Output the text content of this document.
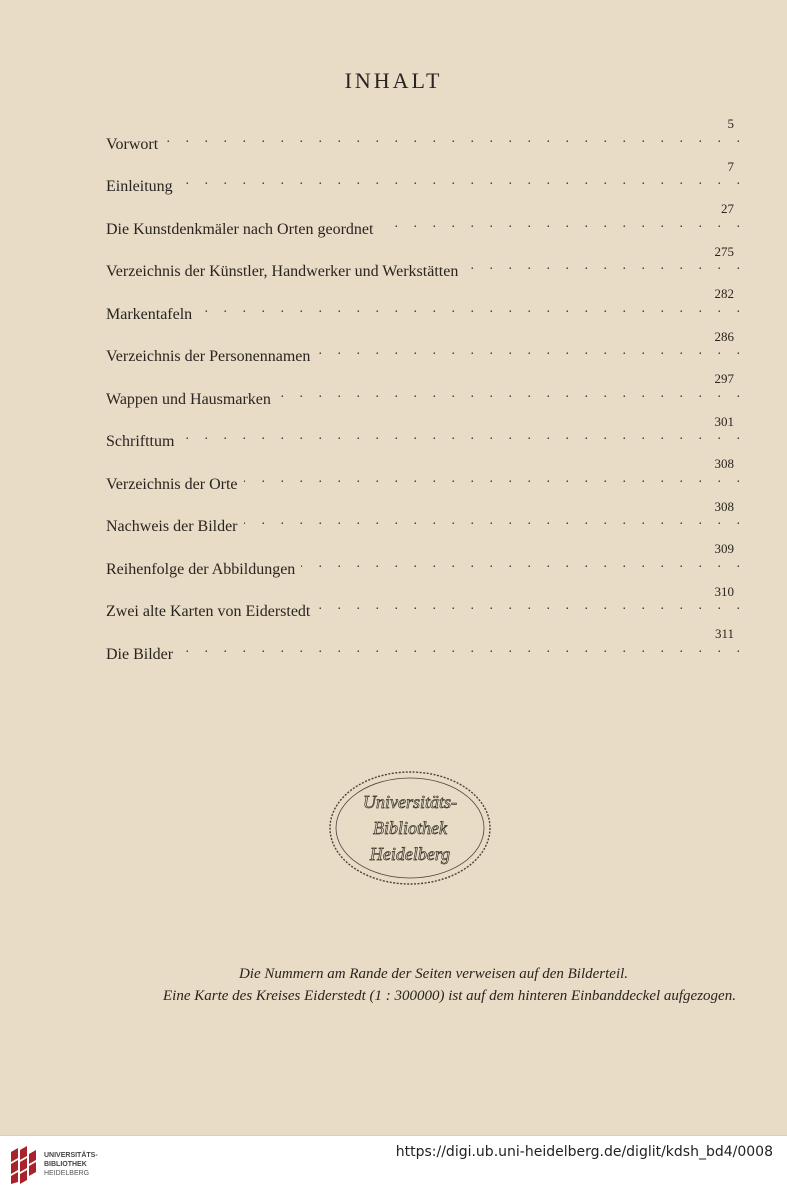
INHALT
Vorwort
. . .
5
Einleitung
. . .
7
Die Kunstdenkmäler nach Orten geordnet
. . .
27
Verzeichnis der Künstler, Handwerker und Werkstätten
. . .
275
Markentafeln
. . .
282
Verzeichnis der Personennamen
. . .
286
Wappen und Hausmarken
. . .
297
Schrifttum
. . .
301
Verzeichnis der Orte
. . .
308
Nachweis der Bilder
. . .
308
Reihenfolge der Abbildungen
. . .
309
Zwei alte Karten von Eiderstedt
. . .
310
Die Bilder
. . .
311
Universitäts-
Bibliothek
Heidelberg
Die Nummern am Rande der Seiten verweisen auf den Bilderteil.
Eine Karte des Kreises Eiderstedt (1 : 300000) ist auf dem hinteren Einbanddeckel aufgezogen.
UNIVERSITÄTS-
BIBLIOTHEK
HEIDELBERG
https://digi.ub.uni-heidelberg.de/diglit/kdsh_bd4/0008
